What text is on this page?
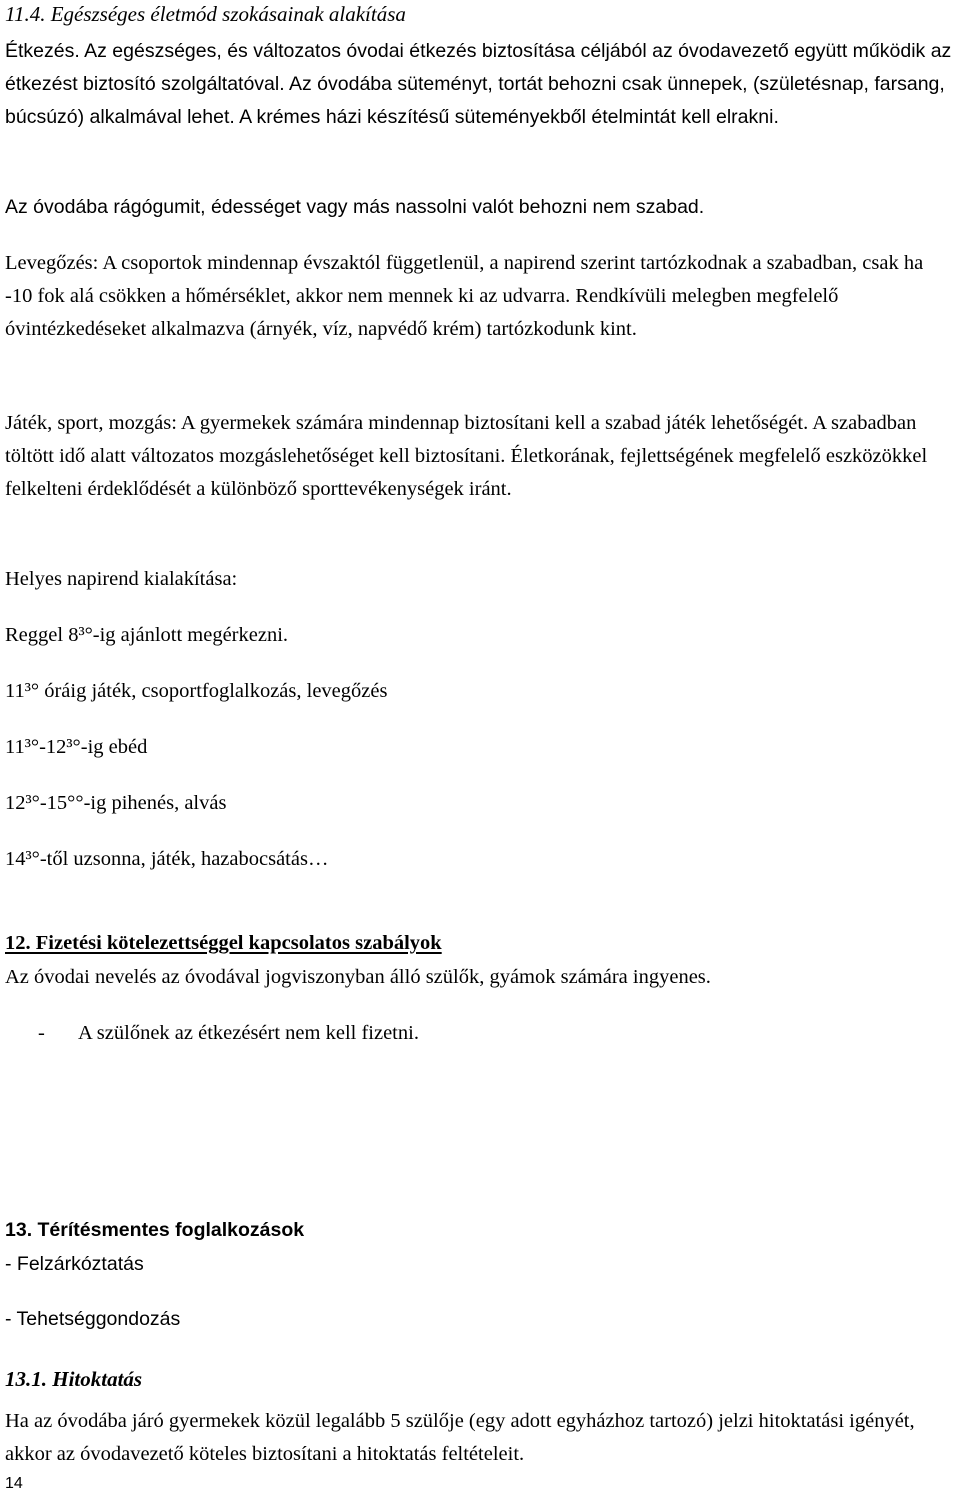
11.4. Egészséges életmód szokásainak alakítása

Étkezés. Az egészséges, és változatos óvodai étkezés biztosítása céljából az óvodavezető együtt működik az étkezést biztosító szolgáltatóval. Az óvodába süteményt, tortát behozni csak ünnepek, (születésnap, farsang, búcsúzó) alkalmával lehet. A krémes házi készítésű süteményekből ételmintát kell elrakni.

Az óvodába rágógumit, édességet vagy más nassolni valót behozni nem szabad.

Levegőzés: A csoportok mindennap évszaktól függetlenül, a napirend szerint tartózkodnak a szabadban, csak ha -10 fok alá csökken a hőmérséklet, akkor nem mennek ki az udvarra. Rendkívüli melegben megfelelő óvintézkedéseket alkalmazva (árnyék, víz, napvédő krém) tartózkodunk kint.

Játék, sport, mozgás: A gyermekek számára mindennap biztosítani kell a szabad játék lehetőségét. A szabadban töltött idő alatt változatos mozgáslehetőséget kell biztosítani. Életkorának, fejlettségének megfelelő eszközökkel felkelteni érdeklődését a különböző sporttevékenységek iránt.

Helyes napirend kialakítása:

Reggel 8³°-ig ajánlott megérkezni.

11³° óráig játék, csoportfoglalkozás, levegőzés

11³°-12³°-ig ebéd

12³°-15°°-ig pihenés, alvás

14³°-től uzsonna, játék, hazabocsátás…

12. Fizetési kötelezettséggel kapcsolatos szabályok

Az óvodai nevelés az óvodával jogviszonyban álló szülők, gyámok számára ingyenes.

- A szülőnek az étkezésért nem kell fizetni.

13. Térítésmentes foglalkozások

- Felzárkóztatás

- Tehetséggondozás

13.1. Hitoktatás

Ha az óvodába járó gyermekek közül legalább 5 szülője (egy adott egyházhoz tartozó) jelzi hitoktatási igényét, akkor az óvodavezető köteles biztosítani a hitoktatás feltételeit.

14
